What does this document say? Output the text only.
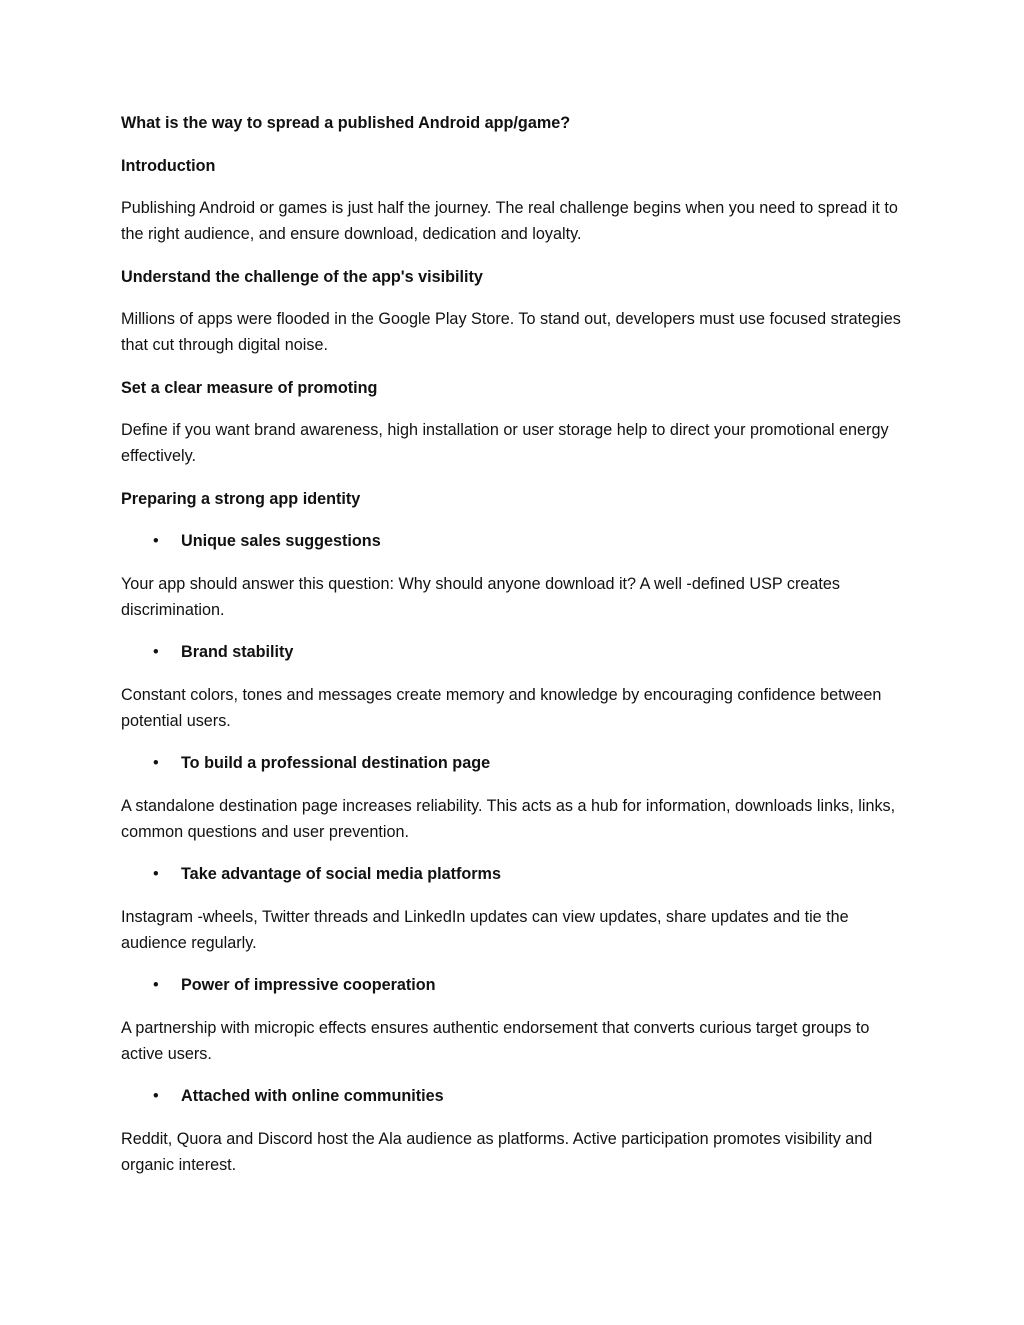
What is the way to spread a published Android app/game?

Introduction

Publishing Android or games is just half the journey. The real challenge begins when you need to spread it to the right audience, and ensure download, dedication and loyalty.

Understand the challenge of the app's visibility

Millions of apps were flooded in the Google Play Store. To stand out, developers must use focused strategies that cut through digital noise.

Set a clear measure of promoting

Define if you want brand awareness, high installation or user storage help to direct your promotional energy effectively.

Preparing a strong app identity

• Unique sales suggestions

Your app should answer this question: Why should anyone download it? A well -defined USP creates discrimination.

• Brand stability

Constant colors, tones and messages create memory and knowledge by encouraging confidence between potential users.

• To build a professional destination page

A standalone destination page increases reliability. This acts as a hub for information, downloads links, links, common questions and user prevention.

• Take advantage of social media platforms

Instagram -wheels, Twitter threads and LinkedIn updates can view updates, share updates and tie the audience regularly.

• Power of impressive cooperation

A partnership with micropic effects ensures authentic endorsement that converts curious target groups to active users.

• Attached with online communities

Reddit, Quora and Discord host the Ala audience as platforms. Active participation promotes visibility and organic interest.
